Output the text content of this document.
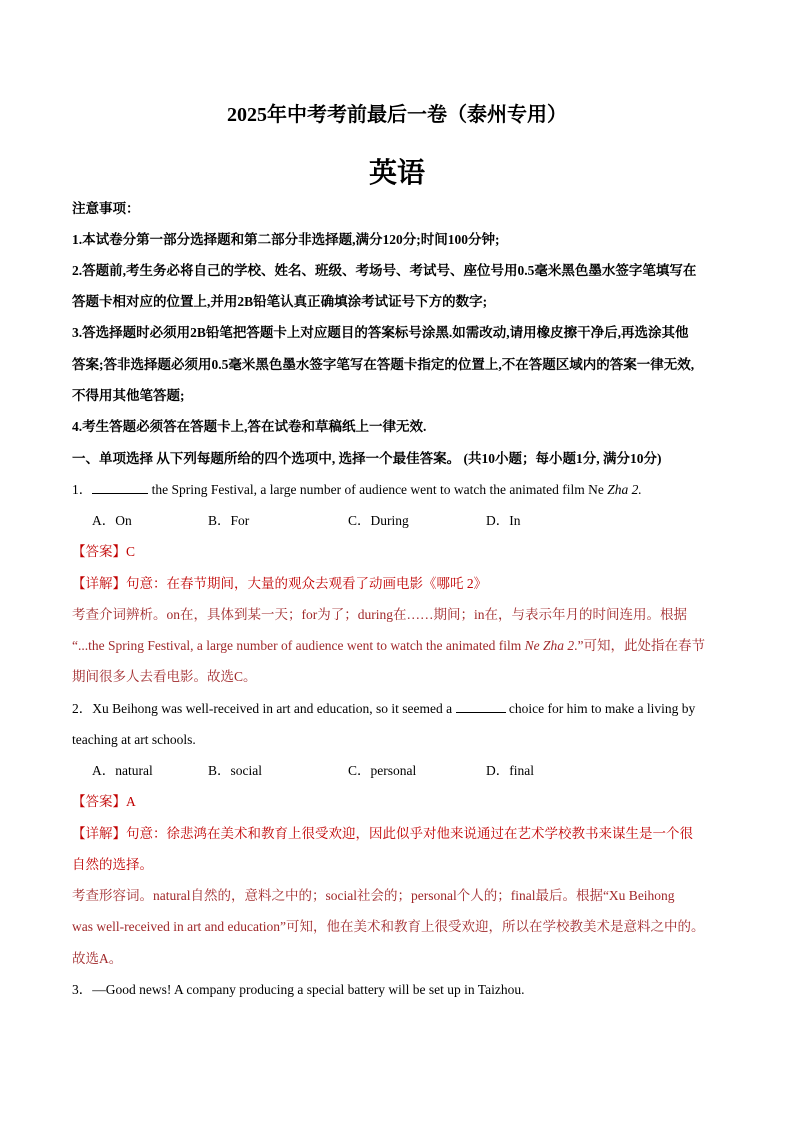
2025年中考考前最后一卷（泰州专用）
英语
注意事项：
1.本试卷分第一部分选择题和第二部分非选择题,满分120分;时间100分钟;
2.答题前,考生务必将自己的学校、姓名、班级、考场号、考试号、座位号用0.5毫米黑色墨水签字笔填写在
答题卡相对应的位置上,并用2B铅笔认真正确填涂考试证号下方的数字;
3.答选择题时必须用2B铅笔把答题卡上对应题目的答案标号涂黑.如需改动,请用橡皮擦干净后,再选涂其他
答案;答非选择题必须用0.5毫米黑色墨水签字笔写在答题卡指定的位置上,不在答题区域内的答案一律无效,
不得用其他笔答题;
4.考生答题必须答在答题卡上,答在试卷和草稿纸上一律无效.
一、单项选择 从下列每题所给的四个选项中, 选择一个最佳答案。 (共10小题；每小题1分, 满分10分)
1．	the Spring Festival, a large number of audience went to watch the animated film Ne Zha 2.
A．On	B．For	C．During	D．In
【答案】C
【详解】句意：在春节期间，大量的观众去观看了动画电影《哪吒 2》
考查介词辨析。on在，具体到某一天；for为了；during在……期间；in在，与表示年月的时间连用。根据
“...the Spring Festival, a large number of audience went to watch the animated film Ne Zha 2.”可知，此处指在春节
期间很多人去看电影。故选C。
2．Xu Beihong was well-received in art and education, so it seemed a	choice for him to make a living by
teaching at art schools.
A．natural	B．social	C．personal	D．final
【答案】A
【详解】句意：徐悲鸿在美术和教育上很受欢迎，因此似乎对他来说通过在艺术学校教书来谋生是一个很
自然的选择。
考查形容词。natural自然的，意料之中的；social社会的；personal个人的；final最后。根据“Xu Beihong
was well-received in art and education”可知，他在美术和教育上很受欢迎，所以在学校教美术是意料之中的。
故选A。
3．—Good news! A company producing a special battery will be set up in Taizhou.
